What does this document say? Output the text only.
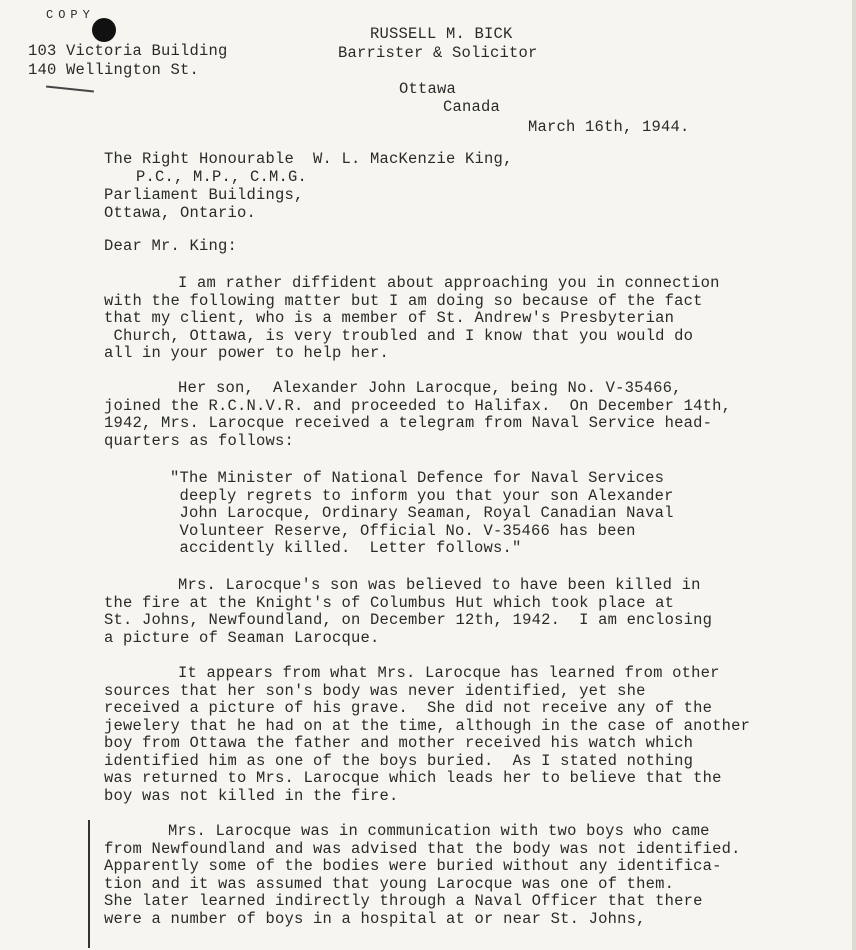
COPY
103 Victoria Building
140 Wellington St.
RUSSELL M. BICK
Barrister & Solicitor
Ottawa
Canada
March 16th, 1944.
The Right Honourable  W. L. MacKenzie King,
P.C., M.P., C.M.G.
Parliament Buildings,
Ottawa, Ontario.
Dear Mr. King:
I am rather diffident about approaching you in connection
with the following matter but I am doing so because of the fact
that my client, who is a member of St. Andrew's Presbyterian
Church, Ottawa, is very troubled and I know that you would do
all in your power to help her.
Her son,  Alexander John Larocque, being No. V-35466,
joined the R.C.N.V.R. and proceeded to Halifax.  On December 14th,
1942, Mrs. Larocque received a telegram from Naval Service head-
quarters as follows:
"The Minister of National Defence for Naval Services
deeply regrets to inform you that your son Alexander
John Larocque, Ordinary Seaman, Royal Canadian Naval
Volunteer Reserve, Official No. V-35466 has been
accidently killed.  Letter follows."
Mrs. Larocque's son was believed to have been killed in
the fire at the Knight's of Columbus Hut which took place at
St. Johns, Newfoundland, on December 12th, 1942.  I am enclosing
a picture of Seaman Larocque.
It appears from what Mrs. Larocque has learned from other
sources that her son's body was never identified, yet she
received a picture of his grave.  She did not receive any of the
jewelery that he had on at the time, although in the case of another
boy from Ottawa the father and mother received his watch which
identified him as one of the boys buried.  As I stated nothing
was returned to Mrs. Larocque which leads her to believe that the
boy was not killed in the fire.
Mrs. Larocque was in communication with two boys who came
from Newfoundland and was advised that the body was not identified.
Apparently some of the bodies were buried without any identifica-
tion and it was assumed that young Larocque was one of them.
She later learned indirectly through a Naval Officer that there
were a number of boys in a hospital at or near St. Johns,
